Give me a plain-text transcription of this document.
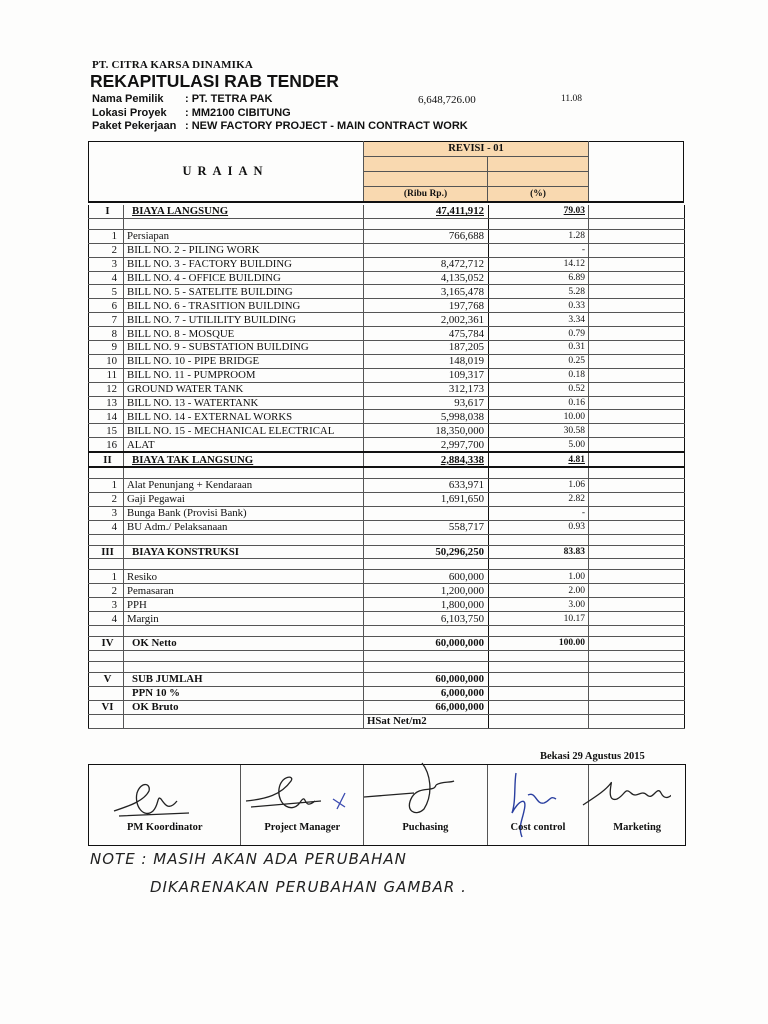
PT. CITRA KARSA DINAMIKA
REKAPITULASI RAB TENDER
Nama Pemilik	: PT. TETRA PAK	6,648,726.00	11.08
Lokasi Proyek	: MM2100 CIBITUNG
Paket Pekerjaan : NEW FACTORY PROJECT - MAIN CONTRACT WORK
URAIAN
REVISI - 01
(Ribu Rp.)	(%)
I	BIAYA LANGSUNG	47,411,912	79.03	

1	Persiapan	766,688	1.28	
2	BILL NO. 2 - PILING WORK		-	
3	BILL NO. 3 - FACTORY BUILDING	8,472,712	14.12	
4	BILL NO. 4 - OFFICE BUILDING	4,135,052	6.89	
5	BILL NO. 5 - SATELITE BUILDING	3,165,478	5.28	
6	BILL NO. 6 - TRASITION BUILDING	197,768	0.33	
7	BILL NO. 7 - UTILILITY BUILDING	2,002,361	3.34	
8	BILL NO. 8 - MOSQUE	475,784	0.79	
9	BILL NO. 9 - SUBSTATION BUILDING	187,205	0.31	
10	BILL NO. 10 - PIPE BRIDGE	148,019	0.25	
11	BILL NO. 11 - PUMPROOM	109,317	0.18	
12	GROUND WATER TANK	312,173	0.52	
13	BILL NO. 13 - WATERTANK	93,617	0.16	
14	BILL NO. 14 - EXTERNAL WORKS	5,998,038	10.00	
15	BILL NO. 15 - MECHANICAL ELECTRICAL	18,350,000	30.58	
16	ALAT	2,997,700	5.00	
II	BIAYA TAK LANGSUNG	2,884,338	4.81	

1	Alat Penunjang + Kendaraan	633,971	1.06	
2	Gaji Pegawai	1,691,650	2.82	
3	Bunga Bank (Provisi Bank)		-	
4	BU Adm./ Pelaksanaan	558,717	0.93	

III	BIAYA KONSTRUKSI	50,296,250	83.83	

1	Resiko	600,000	1.00	
2	Pemasaran	1,200,000	2.00	
3	PPH	1,800,000	3.00	
4	Margin	6,103,750	10.17	

IV	OK Netto	60,000,000	100.00	

V	SUB JUMLAH	60,000,000		
	PPN 10 %	6,000,000		
VI	OK Bruto	66,000,000		
		HSat Net/m2		
Bekasi 29 Agustus 2015
PM Koordinator	Project Manager	Puchasing	Cost control	Marketing
NOTE : MASIH AKAN ADA PERUBAHAN
DIKARENAKAN PERUBAHAN GAMBAR .
